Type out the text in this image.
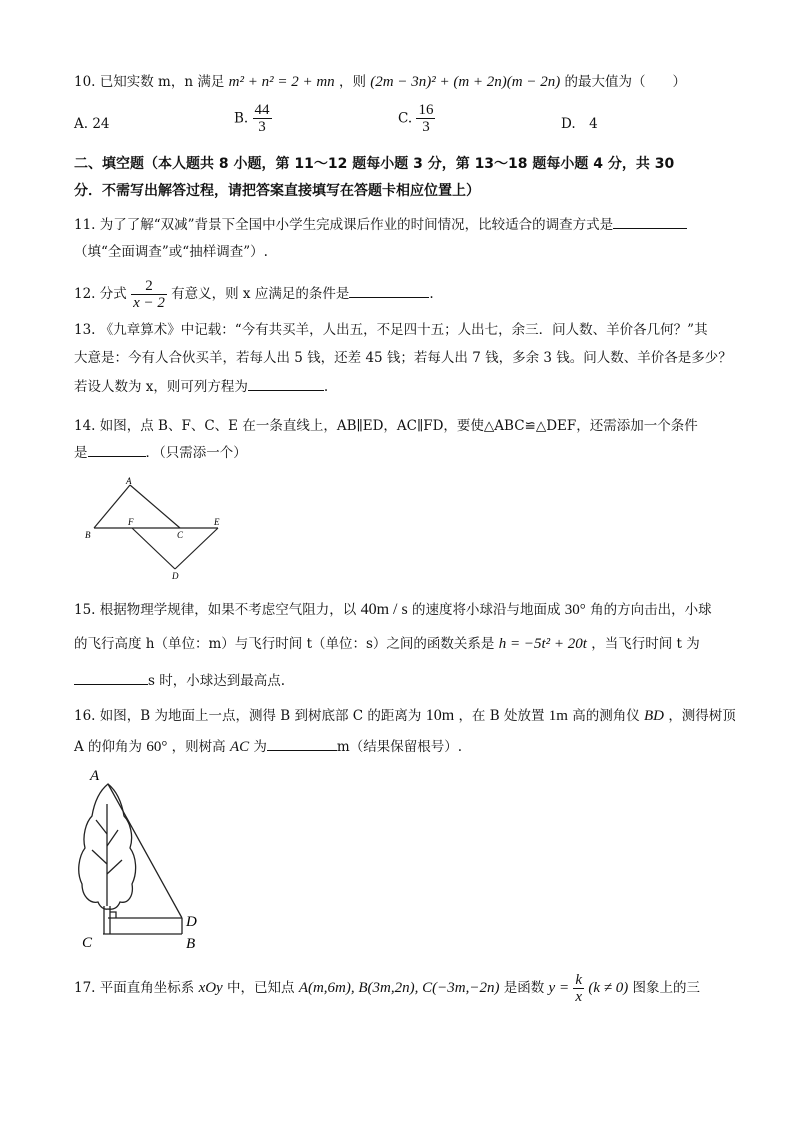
10. 已知实数 m，n 满足 m² + n² = 2 + mn ，则 (2m − 3n)² + (m + 2n)(m − 2n) 的最大值为（　　）
A. 24	B. $\frac{44}{3}$	C. $\frac{16}{3}$	D.　4
二、填空题（本人题共 8 小题，第 11～12 题每小题 3 分，第 13～18 题每小题 4 分，共 30
分．不需写出解答过程，请把答案直接填写在答题卡相应位置上）
11. 为了了解“双减”背景下全国中小学生完成课后作业的时间情况，比较适合的调查方式是
（填“全面调查”或“抽样调查”）.
12. 分式 $\frac{2}{x - 2}$ 有意义，则 x 应满足的条件是	.
13. 《九章算术》中记载：“今有共买羊，人出五，不足四十五；人出七，余三．问人数、羊价各几何？”其
大意是：今有人合伙买羊，若每人出 5 钱，还差 45 钱；若每人出 7 钱，多余 3 钱。问人数、羊价各是多少？
若设人数为 x，则可列方程为	.
14. 如图，点 B、F、C、E 在一条直线上，AB∥ED，AC∥FD，要使△ABC≌△DEF，还需添加一个条件
是	．（只需添一个）
A
B
F
C
E
D
15. 根据物理学规律，如果不考虑空气阻力，以 40m / s 的速度将小球沿与地面成 30° 角的方向击出，小球
的飞行高度 h（单位：m）与飞行时间 t（单位：s）之间的函数关系是 h = −5t² + 20t ，当飞行时间 t 为
s 时，小球达到最高点.
16. 如图，B 为地面上一点，测得 B 到树底部 C 的距离为 10m ，在 B 处放置 1m 高的测角仪 BD ，测得树顶
A 的仰角为 60° ，则树高 AC 为	m（结果保留根号）.
A
C
D
B
17. 平面直角坐标系 xOy 中，已知点 A(m,6m), B(3m,2n), C(−3m,−2n) 是函数 $y = \frac{k}{x} (k \ne 0)$ 图象上的三
